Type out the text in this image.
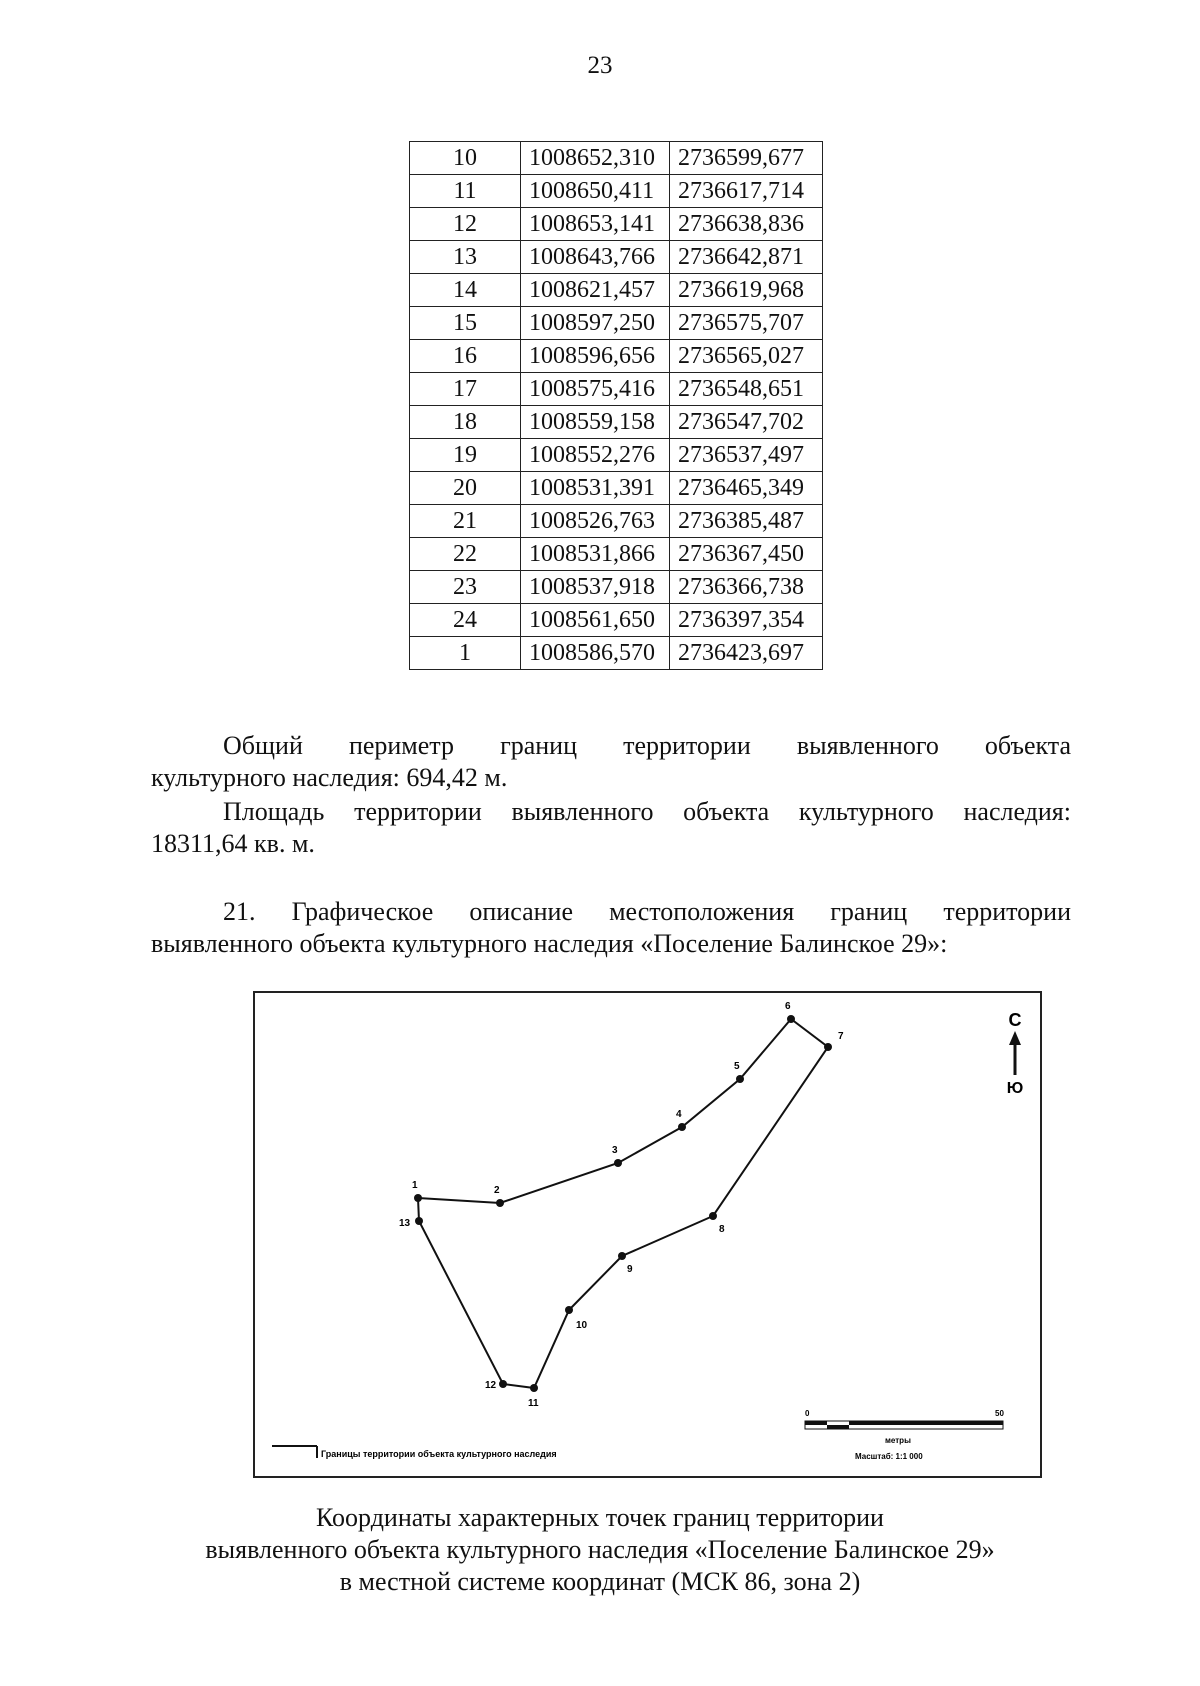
23
10	1008652,310	2736599,677
11	1008650,411	2736617,714
12	1008653,141	2736638,836
13	1008643,766	2736642,871
14	1008621,457	2736619,968
15	1008597,250	2736575,707
16	1008596,656	2736565,027
17	1008575,416	2736548,651
18	1008559,158	2736547,702
19	1008552,276	2736537,497
20	1008531,391	2736465,349
21	1008526,763	2736385,487
22	1008531,866	2736367,450
23	1008537,918	2736366,738
24	1008561,650	2736397,354
1	1008586,570	2736423,697

Общий периметр границ территории выявленного объекта
культурного наследия: 694,42 м.

Площадь территории выявленного объекта культурного наследия:
18311,64 кв. м.

21. Графическое описание местоположения границ территории
выявленного объекта культурного наследия «Поселение Балинское 29»:

1	2
3
4
5
6
7
8
9
10
11
12
13
С
Ю
Границы территории объекта культурного наследия
0	50
метры
Масштаб: 1:1 000
Координаты характерных точек границ территории
выявленного объекта культурного наследия «Поселение Балинское 29»
в местной системе координат (МСК 86, зона 2)
